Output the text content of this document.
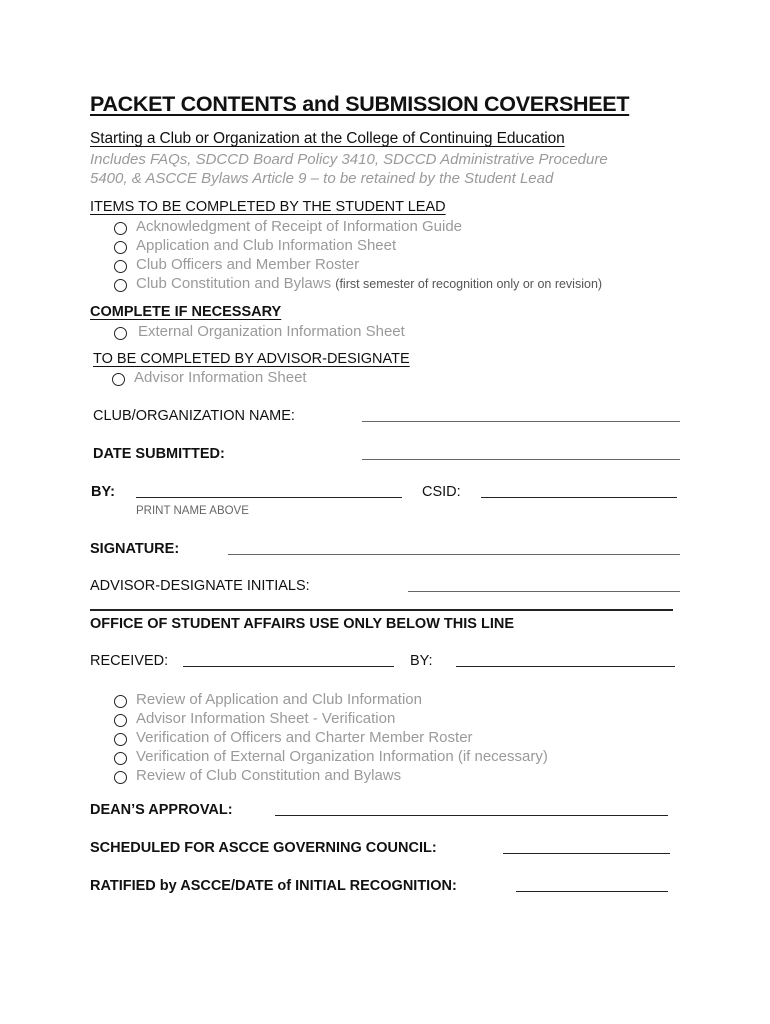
PACKET CONTENTS and SUBMISSION COVERSHEET
Starting a Club or Organization at the College of Continuing Education
Includes FAQs, SDCCD Board Policy 3410, SDCCD Administrative Procedure
5400, & ASCCE Bylaws Article 9 – to be retained by the Student Lead
ITEMS TO BE COMPLETED BY THE STUDENT LEAD
Acknowledgment of Receipt of Information Guide
Application and Club Information Sheet
Club Officers and Member Roster
Club Constitution and Bylaws (first semester of recognition only or on revision)
COMPLETE IF NECESSARY
External Organization Information Sheet
TO BE COMPLETED BY ADVISOR-DESIGNATE
Advisor Information Sheet
CLUB/ORGANIZATION NAME:
DATE SUBMITTED:
BY:	CSID:
PRINT NAME ABOVE
SIGNATURE:
ADVISOR-DESIGNATE INITIALS:
OFFICE OF STUDENT AFFAIRS USE ONLY BELOW THIS LINE
RECEIVED:	BY:
Review of Application and Club Information
Advisor Information Sheet - Verification
Verification of Officers and Charter Member Roster
Verification of External Organization Information (if necessary)
Review of Club Constitution and Bylaws
DEAN’S APPROVAL:
SCHEDULED FOR ASCCE GOVERNING COUNCIL:
RATIFIED by ASCCE/DATE of INITIAL RECOGNITION:
